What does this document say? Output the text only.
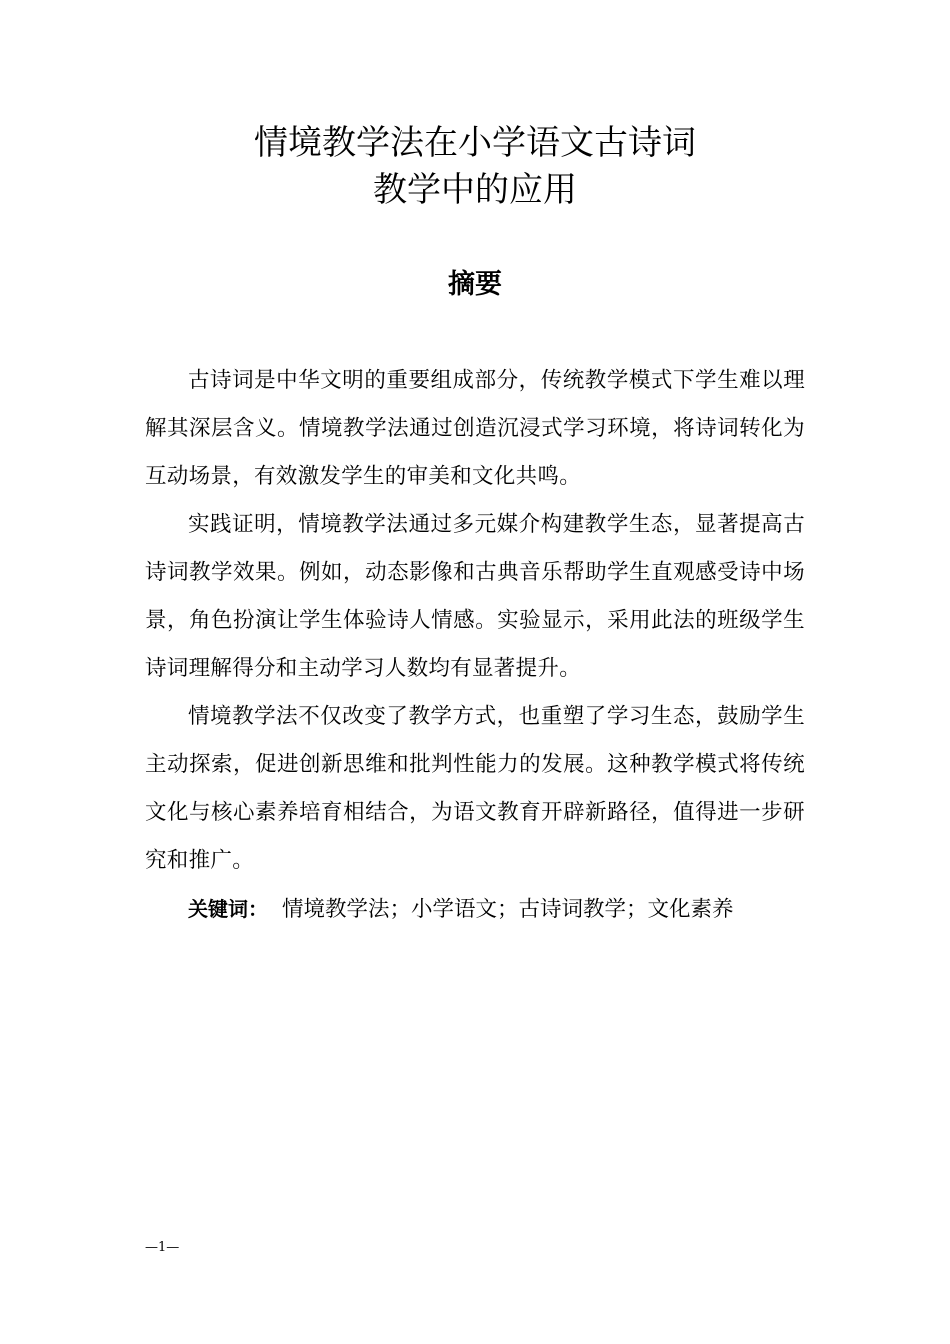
情境教学法在小学语文古诗词
教学中的应用
摘要

古诗词是中华文明的重要组成部分，传统教学模式下学生难以理解其深层含义。情境教学法通过创造沉浸式学习环境，将诗词转化为互动场景，有效激发学生的审美和文化共鸣。

实践证明，情境教学法通过多元媒介构建教学生态，显著提高古诗词教学效果。例如，动态影像和古典音乐帮助学生直观感受诗中场景，角色扮演让学生体验诗人情感。实验显示，采用此法的班级学生诗词理解得分和主动学习人数均有显著提升。

情境教学法不仅改变了教学方式，也重塑了学习生态，鼓励学生主动探索，促进创新思维和批判性能力的发展。这种教学模式将传统文化与核心素养培育相结合，为语文教育开辟新路径，值得进一步研究和推广。

关键词： 情境教学法；小学语文；古诗词教学；文化素养

—1—
